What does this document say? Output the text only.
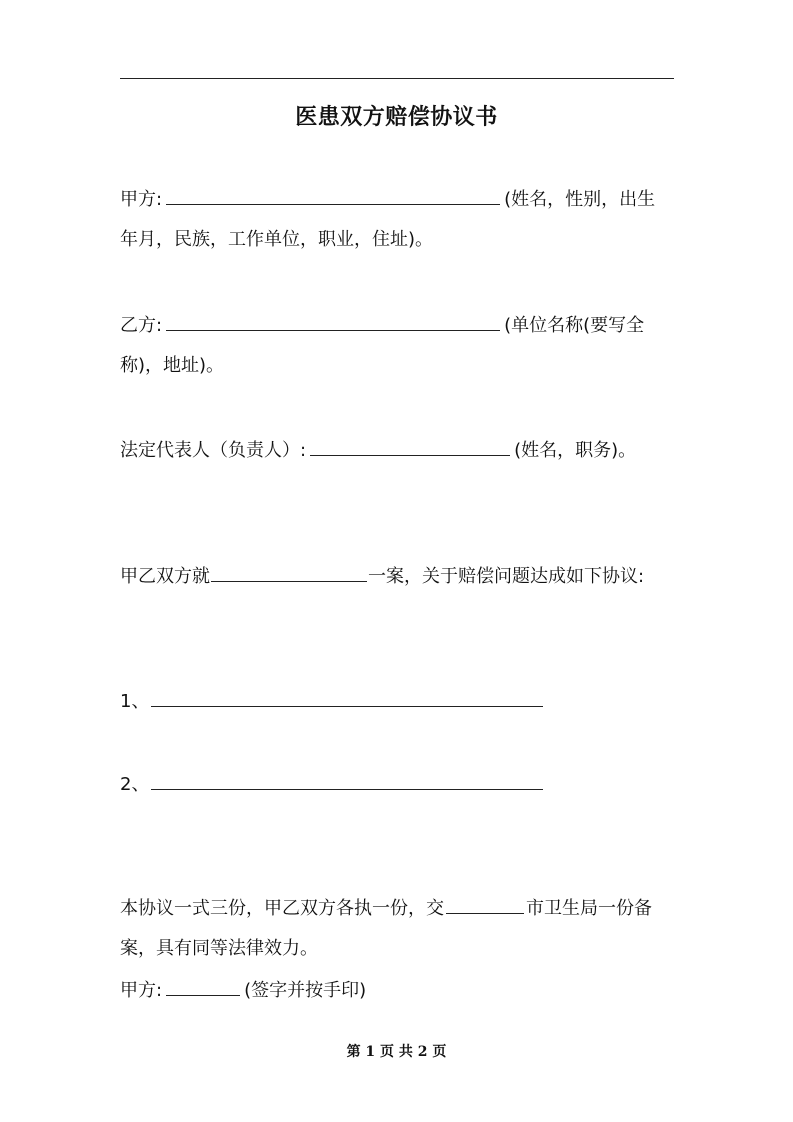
医患双方赔偿协议书
甲方:	(姓名，性别，出生
年月，民族，工作单位，职业，住址)。
乙方:	(单位名称(要写全
称)，地址)。
法定代表人（负责人）:	(姓名，职务)。
甲乙双方就	一案，关于赔偿问题达成如下协议:
1、
2、
本协议一式三份，甲乙双方各执一份，交	市卫生局一份备
案，具有同等法律效力。
甲方:	(签字并按手印)
第 1 页 共 2 页
